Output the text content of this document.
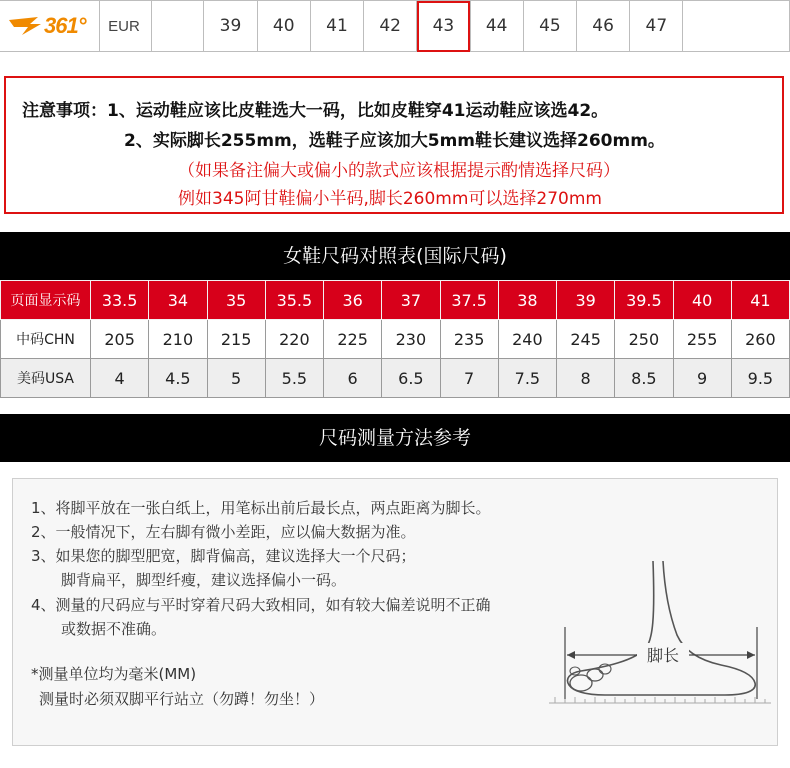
361°	EUR		39	40	41	42	43	44	45	46	47	
注意事项：1、运动鞋应该比皮鞋选大一码，比如皮鞋穿41运动鞋应该选42。
2、实际脚长255mm，选鞋子应该加大5mm鞋长建议选择260mm。
（如果备注偏大或偏小的款式应该根据提示酌情选择尺码）
例如345阿甘鞋偏小半码,脚长260mm可以选择270mm
女鞋尺码对照表(国际尺码)
页面显示码	33.5	34	35	35.5	36	37	37.5	38	39	39.5	40	41
中码CHN	205	210	215	220	225	230	235	240	245	250	255	260
美码USA	4	4.5	5	5.5	6	6.5	7	7.5	8	8.5	9	9.5
尺码测量方法参考
1、将脚平放在一张白纸上，用笔标出前后最长点，两点距离为脚长。
2、一般情况下，左右脚有微小差距，应以偏大数据为准。
3、如果您的脚型肥宽，脚背偏高，建议选择大一个尺码；
脚背扁平，脚型纤瘦，建议选择偏小一码。
4、测量的尺码应与平时穿着尺码大致相同，如有较大偏差说明不正确
或数据不准确。
*测量单位均为毫米(MM)
测量时必须双脚平行站立（勿蹲！勿坐！）
脚长
